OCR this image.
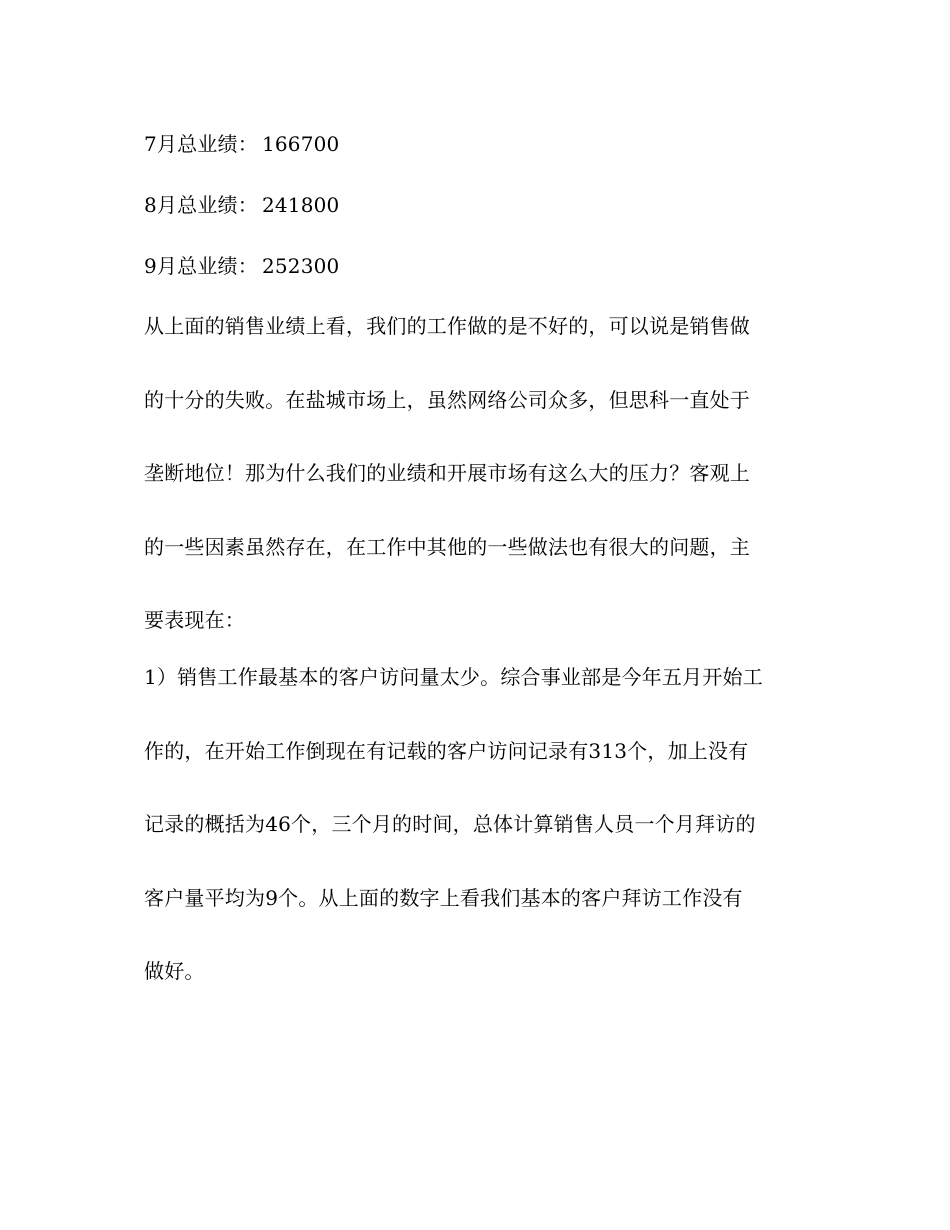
7月总业绩： 166700
8月总业绩： 241800
9月总业绩： 252300
从上面的销售业绩上看，我们的工作做的是不好的，可以说是销售做
的十分的失败。在盐城市场上，虽然网络公司众多，但思科一直处于
垄断地位！那为什么我们的业绩和开展市场有这么大的压力？客观上
的一些因素虽然存在，在工作中其他的一些做法也有很大的问题，主
要表现在：
1）销售工作最基本的客户访问量太少。综合事业部是今年五月开始工
作的，在开始工作倒现在有记载的客户访问记录有313个，加上没有
记录的概括为46个，三个月的时间，总体计算销售人员一个月拜访的
客户量平均为9个。从上面的数字上看我们基本的客户拜访工作没有
做好。
